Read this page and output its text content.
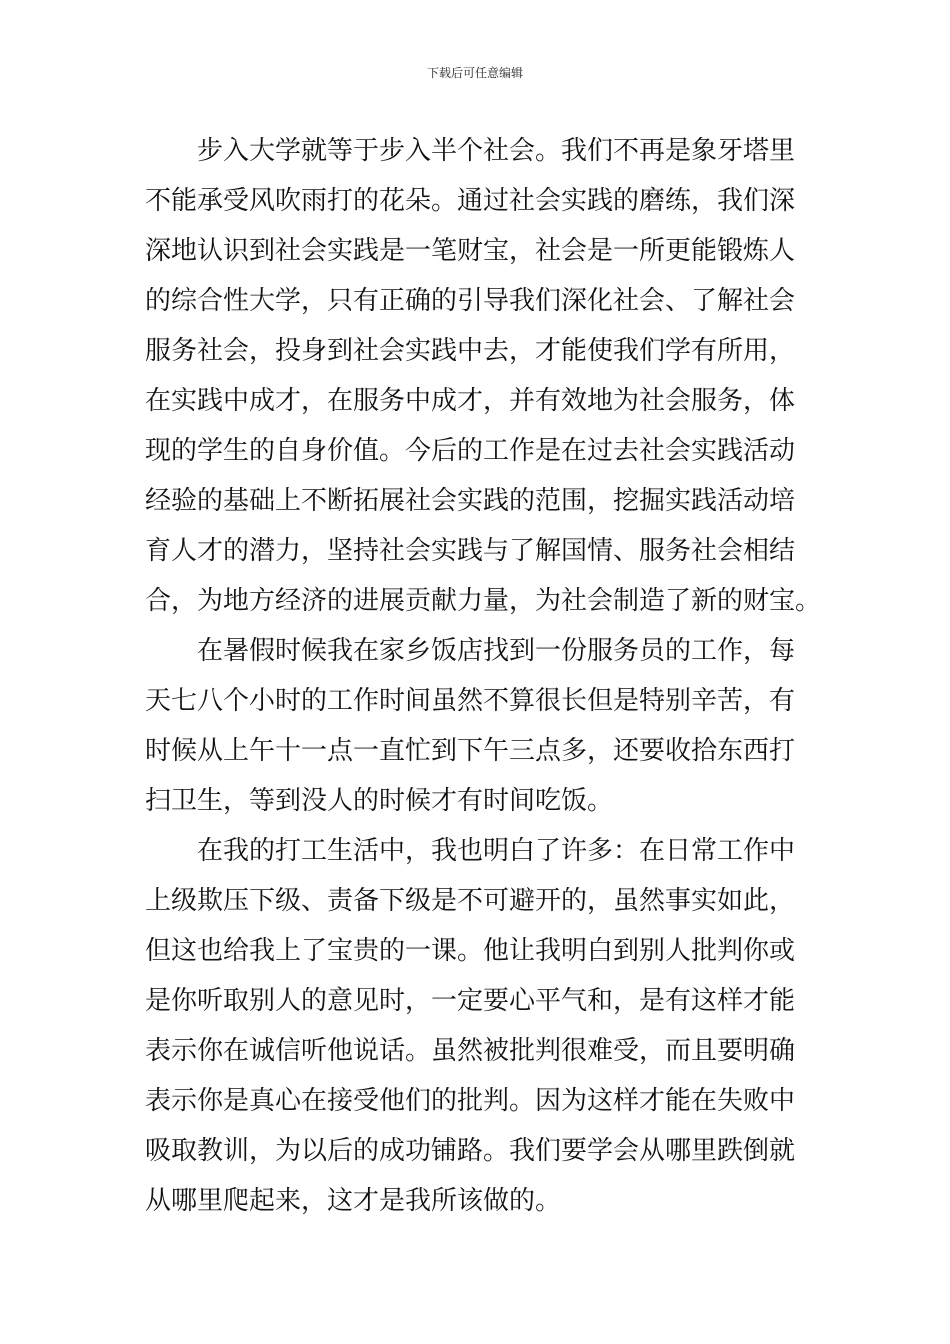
下载后可任意编辑
步入大学就等于步入半个社会。我们不再是象牙塔里
不能承受风吹雨打的花朵。通过社会实践的磨练，我们深
深地认识到社会实践是一笔财宝，社会是一所更能锻炼人
的综合性大学，只有正确的引导我们深化社会、了解社会
服务社会，投身到社会实践中去，才能使我们学有所用，
在实践中成才，在服务中成才，并有效地为社会服务，体
现的学生的自身价值。今后的工作是在过去社会实践活动
经验的基础上不断拓展社会实践的范围，挖掘实践活动培
育人才的潜力，坚持社会实践与了解国情、服务社会相结
合，为地方经济的进展贡献力量，为社会制造了新的财宝。
在暑假时候我在家乡饭店找到一份服务员的工作，每
天七八个小时的工作时间虽然不算很长但是特别辛苦，有
时候从上午十一点一直忙到下午三点多，还要收拾东西打
扫卫生，等到没人的时候才有时间吃饭。
在我的打工生活中，我也明白了许多：在日常工作中
上级欺压下级、责备下级是不可避开的，虽然事实如此，
但这也给我上了宝贵的一课。他让我明白到别人批判你或
是你听取别人的意见时，一定要心平气和，是有这样才能
表示你在诚信听他说话。虽然被批判很难受，而且要明确
表示你是真心在接受他们的批判。因为这样才能在失败中
吸取教训，为以后的成功铺路。我们要学会从哪里跌倒就
从哪里爬起来，这才是我所该做的。
